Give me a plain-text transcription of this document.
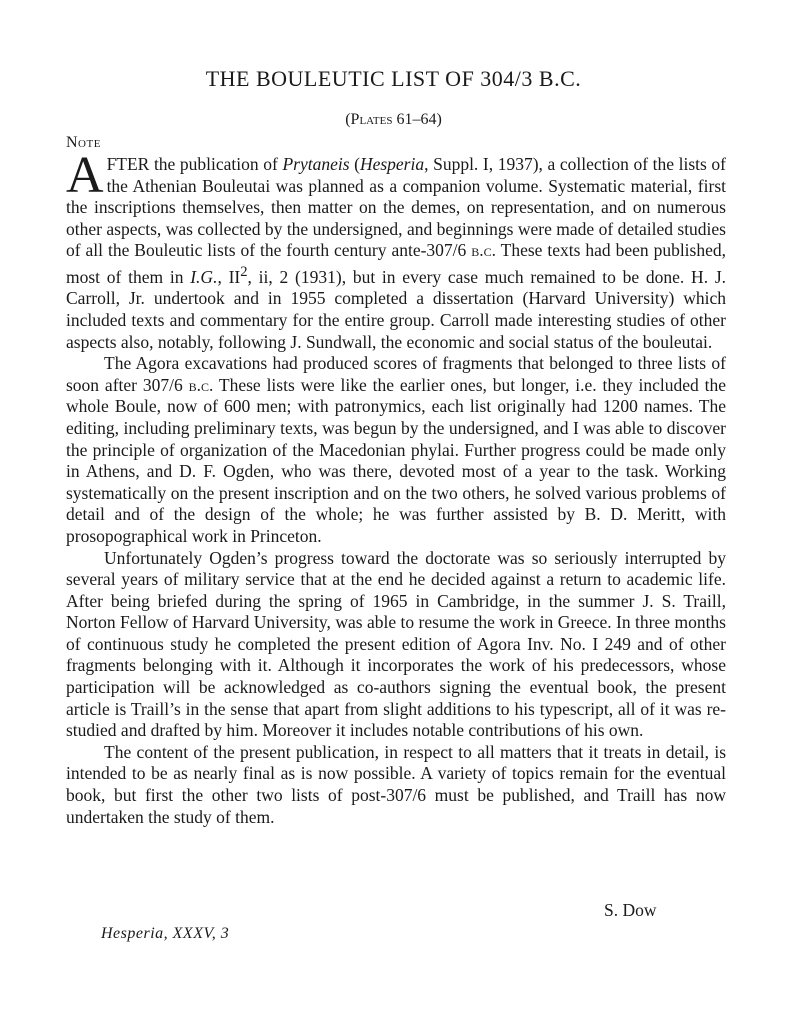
THE BOULEUTIC LIST OF 304/3 B.C.
(Plates 61–64)
Note

AFTER the publication of Prytaneis (Hesperia, Suppl. I, 1937), a collection of the lists of the Athenian Bouleutai was planned as a companion volume. Systematic material, first the inscriptions themselves, then matter on the demes, on representation, and on numerous other aspects, was collected by the undersigned, and beginnings were made of detailed studies of all the Bouleutic lists of the fourth century ante-307/6 b.c. These texts had been published, most of them in I.G., $II^2$, ii, 2 (1931), but in every case much remained to be done. H. J. Carroll, Jr. undertook and in 1955 completed a dissertation (Harvard University) which included texts and commentary for the entire group. Carroll made interesting studies of other aspects also, notably, following J. Sundwall, the economic and social status of the bouleutai.

The Agora excavations had produced scores of fragments that belonged to three lists of soon after 307/6 b.c. These lists were like the earlier ones, but longer, i.e. they included the whole Boule, now of 600 men; with patronymics, each list originally had 1200 names. The editing, including preliminary texts, was begun by the undersigned, and I was able to discover the principle of organization of the Macedonian phylai. Further progress could be made only in Athens, and D. F. Ogden, who was there, devoted most of a year to the task. Working systematically on the present inscription and on the two others, he solved various problems of detail and of the design of the whole; he was further assisted by B. D. Meritt, with prosopographical work in Princeton.

Unfortunately Ogden’s progress toward the doctorate was so seriously interrupted by several years of military service that at the end he decided against a return to academic life. After being briefed during the spring of 1965 in Cambridge, in the summer J. S. Traill, Norton Fellow of Harvard University, was able to resume the work in Greece. In three months of continuous study he completed the present edition of Agora Inv. No. I 249 and of other fragments belonging with it. Although it incorporates the work of his predecessors, whose participation will be acknowledged as co-authors signing the eventual book, the present article is Traill’s in the sense that apart from slight additions to his typescript, all of it was re-studied and drafted by him. Moreover it includes notable contributions of his own.

The content of the present publication, in respect to all matters that it treats in detail, is intended to be as nearly final as is now possible. A variety of topics remain for the eventual book, but first the other two lists of post-307/6 must be published, and Traill has now undertaken the study of them.

S. Dow
Hesperia, XXXV, 3
